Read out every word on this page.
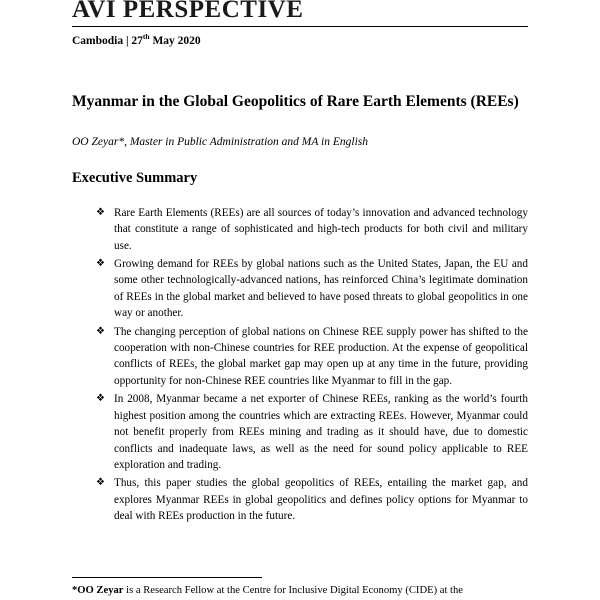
AVI PERSPECTIVE
Cambodia | 27th May 2020
Myanmar in the Global Geopolitics of Rare Earth Elements (REEs)
OO Zeyar*, Master in Public Administration and MA in English
Executive Summary
❖ Rare Earth Elements (REEs) are all sources of today’s innovation and advanced technology that constitute a range of sophisticated and high-tech products for both civil and military use.
❖ Growing demand for REEs by global nations such as the United States, Japan, the EU and some other technologically-advanced nations, has reinforced China’s legitimate domination of REEs in the global market and believed to have posed threats to global geopolitics in one way or another.
❖ The changing perception of global nations on Chinese REE supply power has shifted to the cooperation with non-Chinese countries for REE production. At the expense of geopolitical conflicts of REEs, the global market gap may open up at any time in the future, providing opportunity for non-Chinese REE countries like Myanmar to fill in the gap.
❖ In 2008, Myanmar became a net exporter of Chinese REEs, ranking as the world’s fourth highest position among the countries which are extracting REEs. However, Myanmar could not benefit properly from REEs mining and trading as it should have, due to domestic conflicts and inadequate laws, as well as the need for sound policy applicable to REE exploration and trading.
❖ Thus, this paper studies the global geopolitics of REEs, entailing the market gap, and explores Myanmar REEs in global geopolitics and defines policy options for Myanmar to deal with REEs production in the future.
*OO Zeyar is a Research Fellow at the Centre for Inclusive Digital Economy (CIDE) at the
